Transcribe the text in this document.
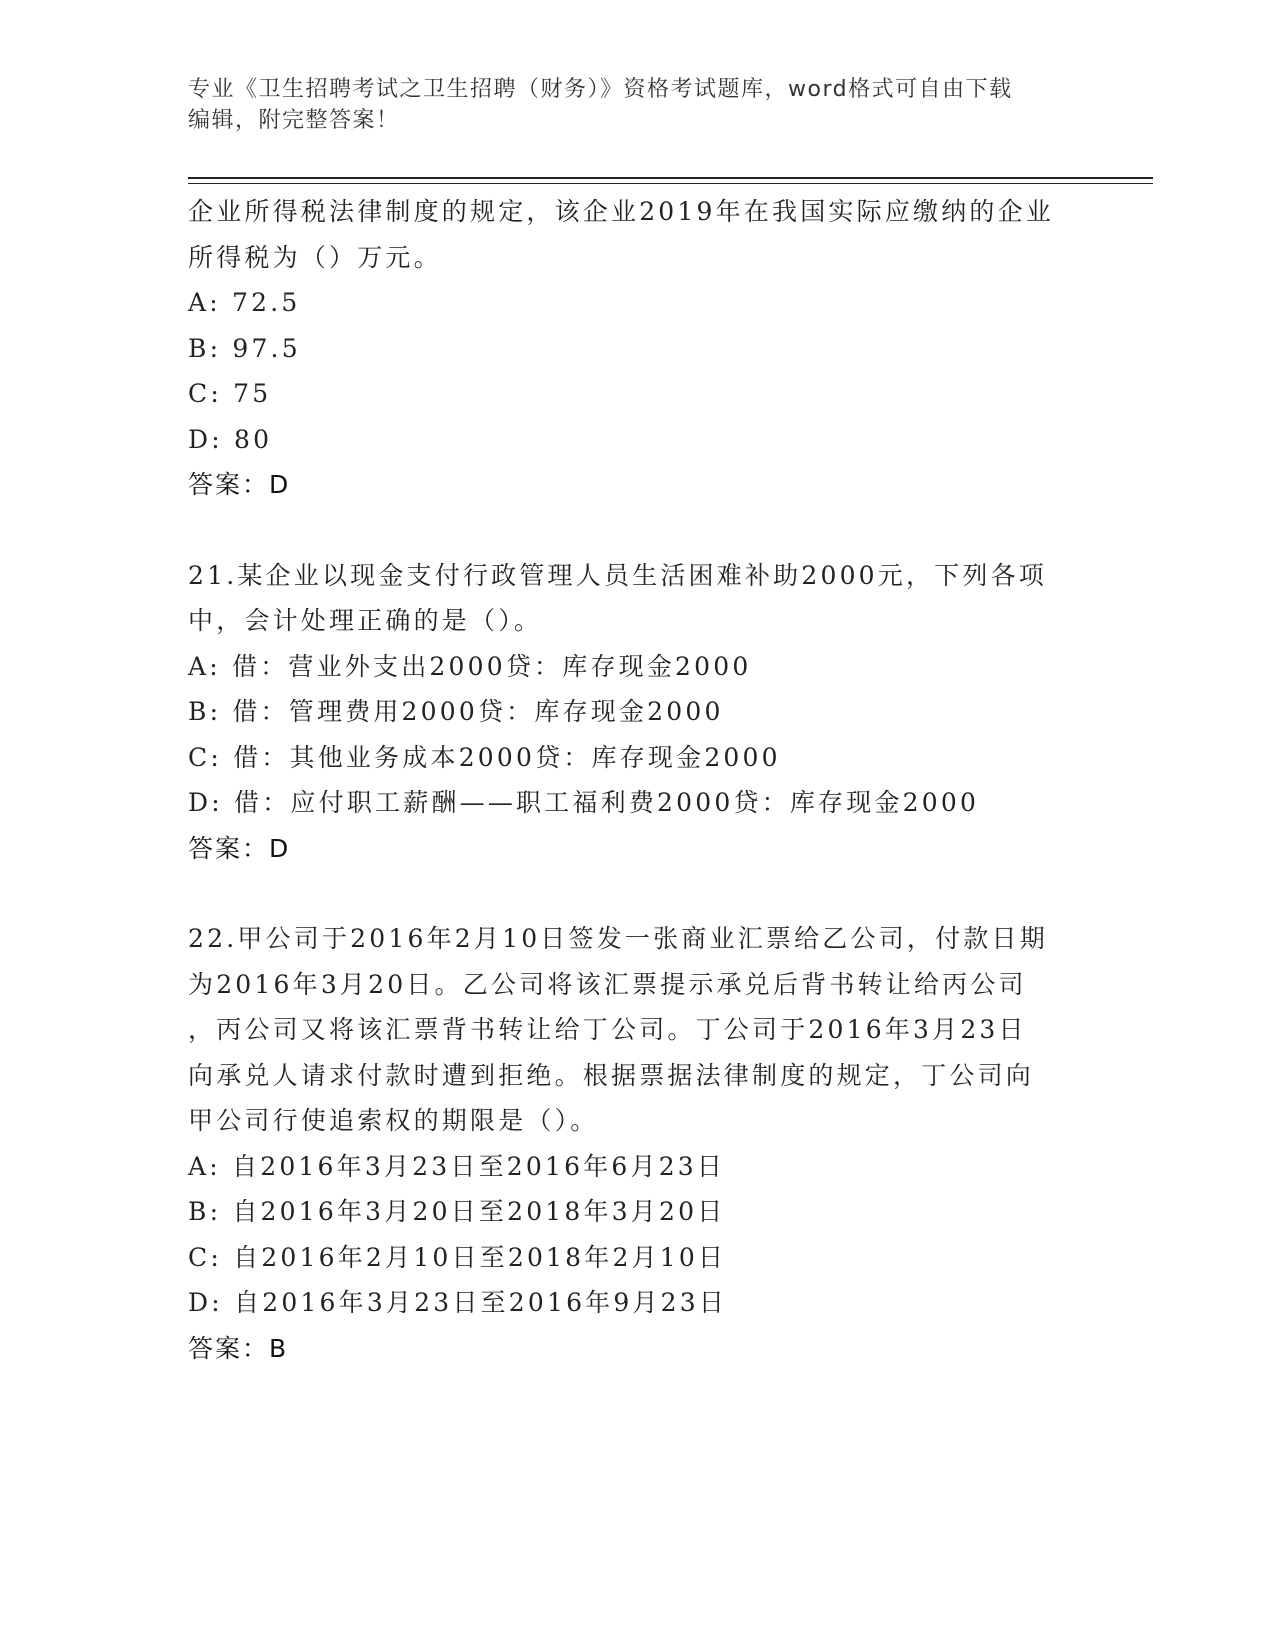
专业《卫生招聘考试之卫生招聘（财务）》资格考试题库，word格式可自由下载
编辑，附完整答案！
企业所得税法律制度的规定，该企业2019年在我国实际应缴纳的企业
所得税为（）万元。
A: 72.5
B: 97.5
C: 75
D: 80
答案：D
21.某企业以现金支付行政管理人员生活困难补助2000元，下列各项
中，会计处理正确的是（）。
A: 借：营业外支出2000贷：库存现金2000
B: 借：管理费用2000贷：库存现金2000
C: 借：其他业务成本2000贷：库存现金2000
D: 借：应付职工薪酬——职工福利费2000贷：库存现金2000
答案：D
22.甲公司于2016年2月10日签发一张商业汇票给乙公司，付款日期
为2016年3月20日。乙公司将该汇票提示承兑后背书转让给丙公司
，丙公司又将该汇票背书转让给丁公司。丁公司于2016年3月23日
向承兑人请求付款时遭到拒绝。根据票据法律制度的规定，丁公司向
甲公司行使追索权的期限是（）。
A: 自2016年3月23日至2016年6月23日
B: 自2016年3月20日至2018年3月20日
C: 自2016年2月10日至2018年2月10日
D: 自2016年3月23日至2016年9月23日
答案：B
